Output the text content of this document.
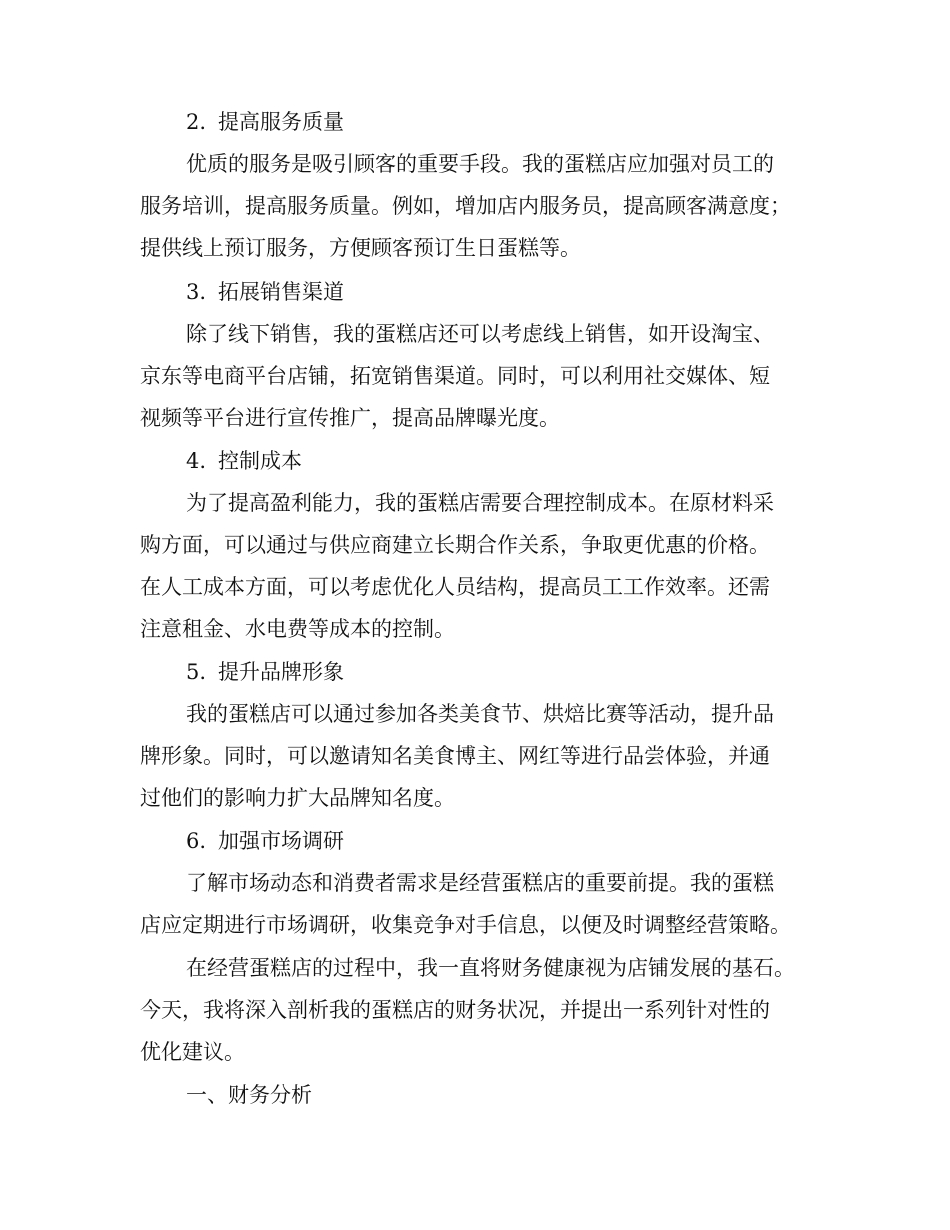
2. 提高服务质量
优质的服务是吸引顾客的重要手段。我的蛋糕店应加强对员工的
服务培训，提高服务质量。例如，增加店内服务员，提高顾客满意度；
提供线上预订服务，方便顾客预订生日蛋糕等。
3. 拓展销售渠道
除了线下销售，我的蛋糕店还可以考虑线上销售，如开设淘宝、
京东等电商平台店铺，拓宽销售渠道。同时，可以利用社交媒体、短
视频等平台进行宣传推广，提高品牌曝光度。
4. 控制成本
为了提高盈利能力，我的蛋糕店需要合理控制成本。在原材料采
购方面，可以通过与供应商建立长期合作关系，争取更优惠的价格。
在人工成本方面，可以考虑优化人员结构，提高员工工作效率。还需
注意租金、水电费等成本的控制。
5. 提升品牌形象
我的蛋糕店可以通过参加各类美食节、烘焙比赛等活动，提升品
牌形象。同时，可以邀请知名美食博主、网红等进行品尝体验，并通
过他们的影响力扩大品牌知名度。
6. 加强市场调研
了解市场动态和消费者需求是经营蛋糕店的重要前提。我的蛋糕
店应定期进行市场调研，收集竞争对手信息，以便及时调整经营策略。
在经营蛋糕店的过程中，我一直将财务健康视为店铺发展的基石。
今天，我将深入剖析我的蛋糕店的财务状况，并提出一系列针对性的
优化建议。
一、财务分析
